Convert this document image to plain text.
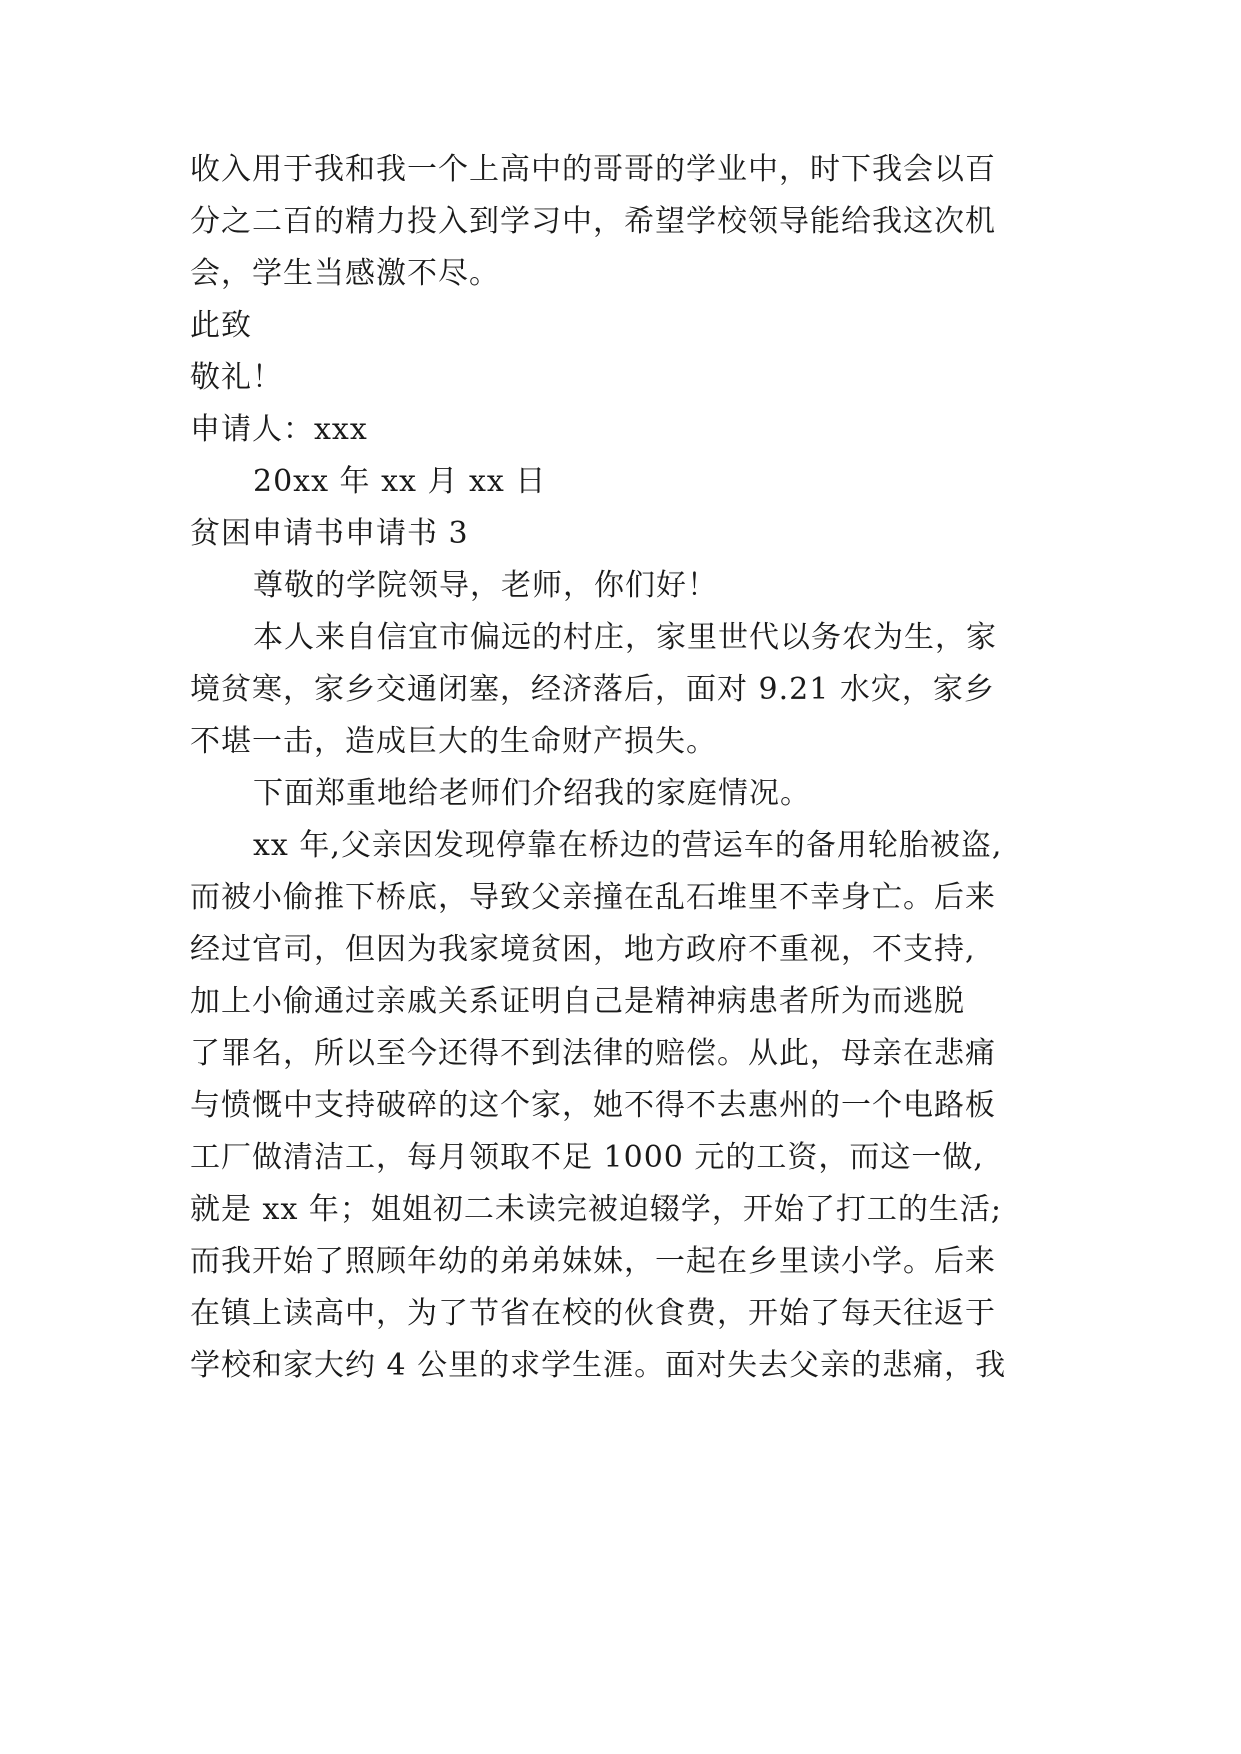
收入用于我和我一个上高中的哥哥的学业中，时下我会以百
分之二百的精力投入到学习中，希望学校领导能给我这次机
会，学生当感激不尽。
此致
敬礼！
申请人：xxx
20xx 年 xx 月 xx 日
贫困申请书申请书 3
尊敬的学院领导，老师，你们好！
本人来自信宜市偏远的村庄，家里世代以务农为生，家
境贫寒，家乡交通闭塞，经济落后，面对 9.21 水灾，家乡
不堪一击，造成巨大的生命财产损失。
下面郑重地给老师们介绍我的家庭情况。
xx 年,父亲因发现停靠在桥边的营运车的备用轮胎被盗,
而被小偷推下桥底，导致父亲撞在乱石堆里不幸身亡。后来
经过官司，但因为我家境贫困，地方政府不重视，不支持,
加上小偷通过亲戚关系证明自己是精神病患者所为而逃脱
了罪名，所以至今还得不到法律的赔偿。从此，母亲在悲痛
与愤慨中支持破碎的这个家，她不得不去惠州的一个电路板
工厂做清洁工，每月领取不足 1000 元的工资，而这一做,
就是 xx 年；姐姐初二未读完被迫辍学，开始了打工的生活;
而我开始了照顾年幼的弟弟妹妹，一起在乡里读小学。后来
在镇上读高中，为了节省在校的伙食费，开始了每天往返于
学校和家大约 4 公里的求学生涯。面对失去父亲的悲痛，我
